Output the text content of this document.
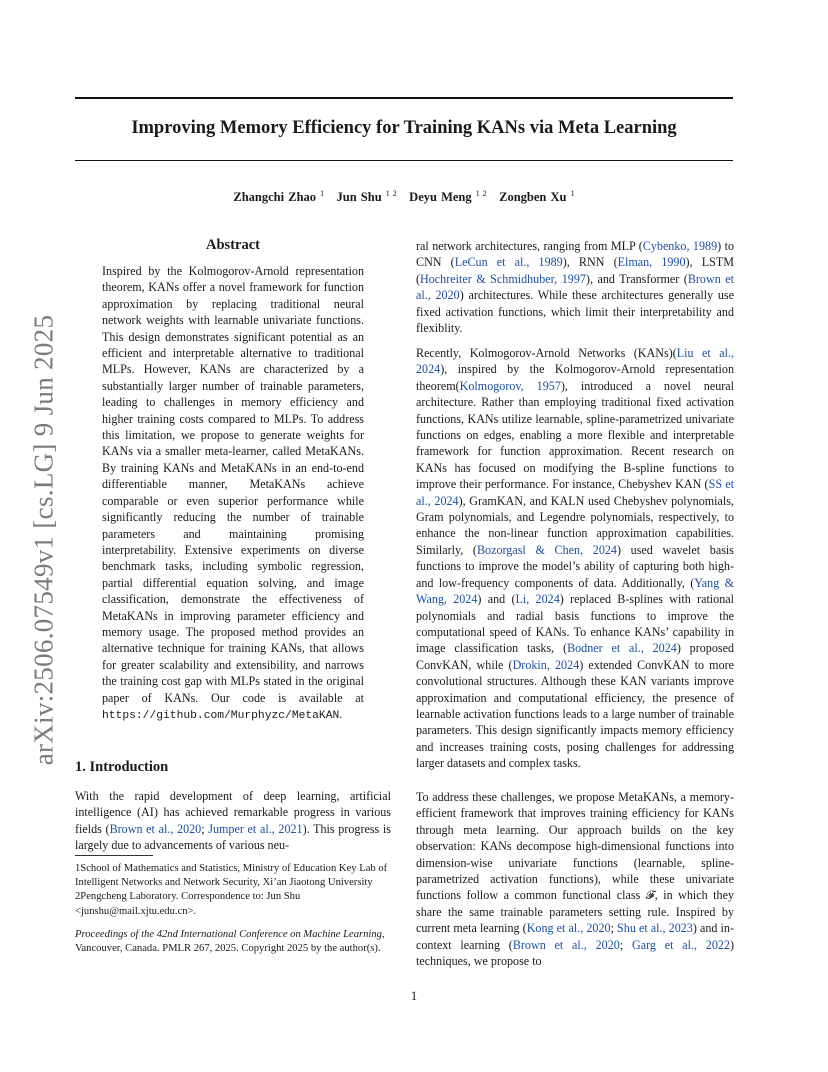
Improving Memory Efficiency for Training KANs via Meta Learning
Zhangchi Zhao $^1$ Jun Shu $^{1 2}$ Deyu Meng $^{1 2}$ Zongben Xu $^1$
arXiv:2506.07549v1 [cs.LG] 9 Jun 2025
Abstract
Inspired by the Kolmogorov-Arnold representation theorem, KANs offer a novel framework for function approximation by replacing traditional neural network weights with learnable univariate functions. This design demonstrates significant potential as an efficient and interpretable alternative to traditional MLPs. However, KANs are characterized by a substantially larger number of trainable parameters, leading to challenges in memory efficiency and higher training costs compared to MLPs. To address this limitation, we propose to generate weights for KANs via a smaller meta-learner, called MetaKANs. By training KANs and MetaKANs in an end-to-end differentiable manner, MetaKANs achieve comparable or even superior performance while significantly reducing the number of trainable parameters and maintaining promising interpretability. Extensive experiments on diverse benchmark tasks, including symbolic regression, partial differential equation solving, and image classification, demonstrate the effectiveness of MetaKANs in improving parameter efficiency and memory usage. The proposed method provides an alternative technique for training KANs, that allows for greater scalability and extensibility, and narrows the training cost gap with MLPs stated in the original paper of KANs. Our code is available at https://github.com/Murphyzc/MetaKAN.
1. Introduction
With the rapid development of deep learning, artificial intelligence (AI) has achieved remarkable progress in various fields (Brown et al., 2020; Jumper et al., 2021). This progress is largely due to advancements of various neu-
1School of Mathematics and Statistics, Ministry of Education Key Lab of Intelligent Networks and Network Security, Xi’an Jiaotong University 2Pengcheng Laboratory. Correspondence to: Jun Shu <junshu@mail.xjtu.edu.cn>.
Proceedings of the 42nd International Conference on Machine Learning, Vancouver, Canada. PMLR 267, 2025. Copyright 2025 by the author(s).
ral network architectures, ranging from MLP (Cybenko, 1989) to CNN (LeCun et al., 1989), RNN (Elman, 1990), LSTM (Hochreiter & Schmidhuber, 1997), and Transformer (Brown et al., 2020) architectures. While these architectures generally use fixed activation functions, which limit their interpretability and flexiblity.
Recently, Kolmogorov-Arnold Networks (KANs)(Liu et al., 2024), inspired by the Kolmogorov-Arnold representation theorem(Kolmogorov, 1957), introduced a novel neural architecture. Rather than employing traditional fixed activation functions, KANs utilize learnable, spline-parametrized univariate functions on edges, enabling a more flexible and interpretable framework for function approximation. Recent research on KANs has focused on modifying the B-spline functions to improve their performance. For instance, Chebyshev KAN (SS et al., 2024), GramKAN, and KALN used Chebyshev polynomials, Gram polynomials, and Legendre polynomials, respectively, to enhance the non-linear function approximation capabilities. Similarly, (Bozorgasl & Chen, 2024) used wavelet basis functions to improve the model’s ability of capturing both high- and low-frequency components of data. Additionally, (Yang & Wang, 2024) and (Li, 2024) replaced B-splines with rational polynomials and radial basis functions to improve the computational speed of KANs. To enhance KANs’ capability in image classification tasks, (Bodner et al., 2024) proposed ConvKAN, while (Drokin, 2024) extended ConvKAN to more convolutional structures. Although these KAN variants improve approximation and computational efficiency, the presence of learnable activation functions leads to a large number of trainable parameters. This design significantly impacts memory efficiency and increases training costs, posing challenges for addressing larger datasets and complex tasks.
To address these challenges, we propose MetaKANs, a memory-efficient framework that improves training efficiency for KANs through meta learning. Our approach builds on the key observation: KANs decompose high-dimensional functions into dimension-wise univariate functions (learnable, spline-parametrized activation functions), while these univariate functions follow a common functional class 𝓕, in which they share the same trainable parameters setting rule. Inspired by current meta learning (Kong et al., 2020; Shu et al., 2023) and in-context learning (Brown et al., 2020; Garg et al., 2022) techniques, we propose to
1
